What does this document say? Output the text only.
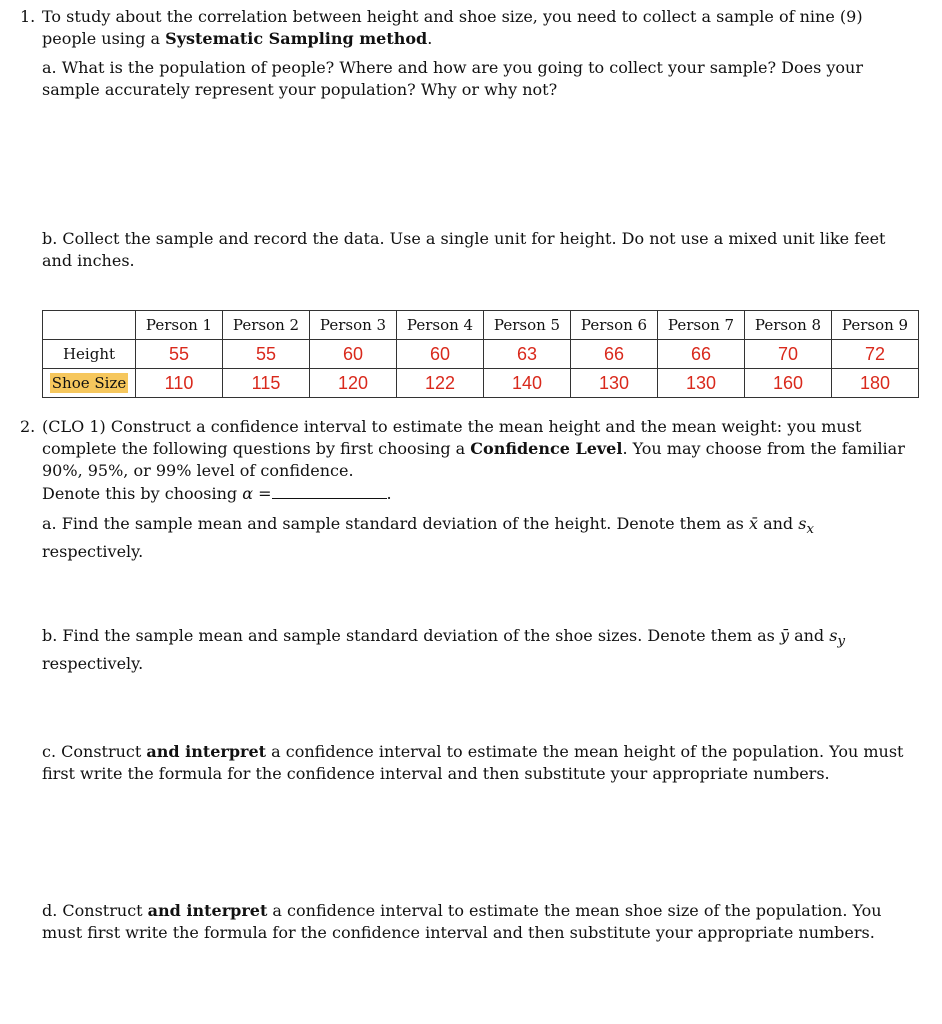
1. To study about the correlation between height and shoe size, you need to collect a sample of nine (9) people using a Systematic Sampling method.
a. What is the population of people? Where and how are you going to collect your sample? Does your sample accurately represent your population? Why or why not?
b. Collect the sample and record the data. Use a single unit for height. Do not use a mixed unit like feet and inches.
	Person 1	Person 2	Person 3	Person 4	Person 5	Person 6	Person 7	Person 8	Person 9
Height	55	55	60	60	63	66	66	70	72
Shoe Size	110	115	120	122	140	130	130	160	180
2. (CLO 1) Construct a confidence interval to estimate the mean height and the mean weight: you must complete the following questions by first choosing a Confidence Level. You may choose from the familiar 90%, 95%, or 99% level of confidence.
Denote this by choosing α =	.
a. Find the sample mean and sample standard deviation of the height. Denote them as x̄ and $s_x$ respectively.
b. Find the sample mean and sample standard deviation of the shoe sizes. Denote them as ȳ and $s_y$ respectively.
c. Construct and interpret a confidence interval to estimate the mean height of the population. You must first write the formula for the confidence interval and then substitute your appropriate numbers.
d. Construct and interpret a confidence interval to estimate the mean shoe size of the population. You must first write the formula for the confidence interval and then substitute your appropriate numbers.
